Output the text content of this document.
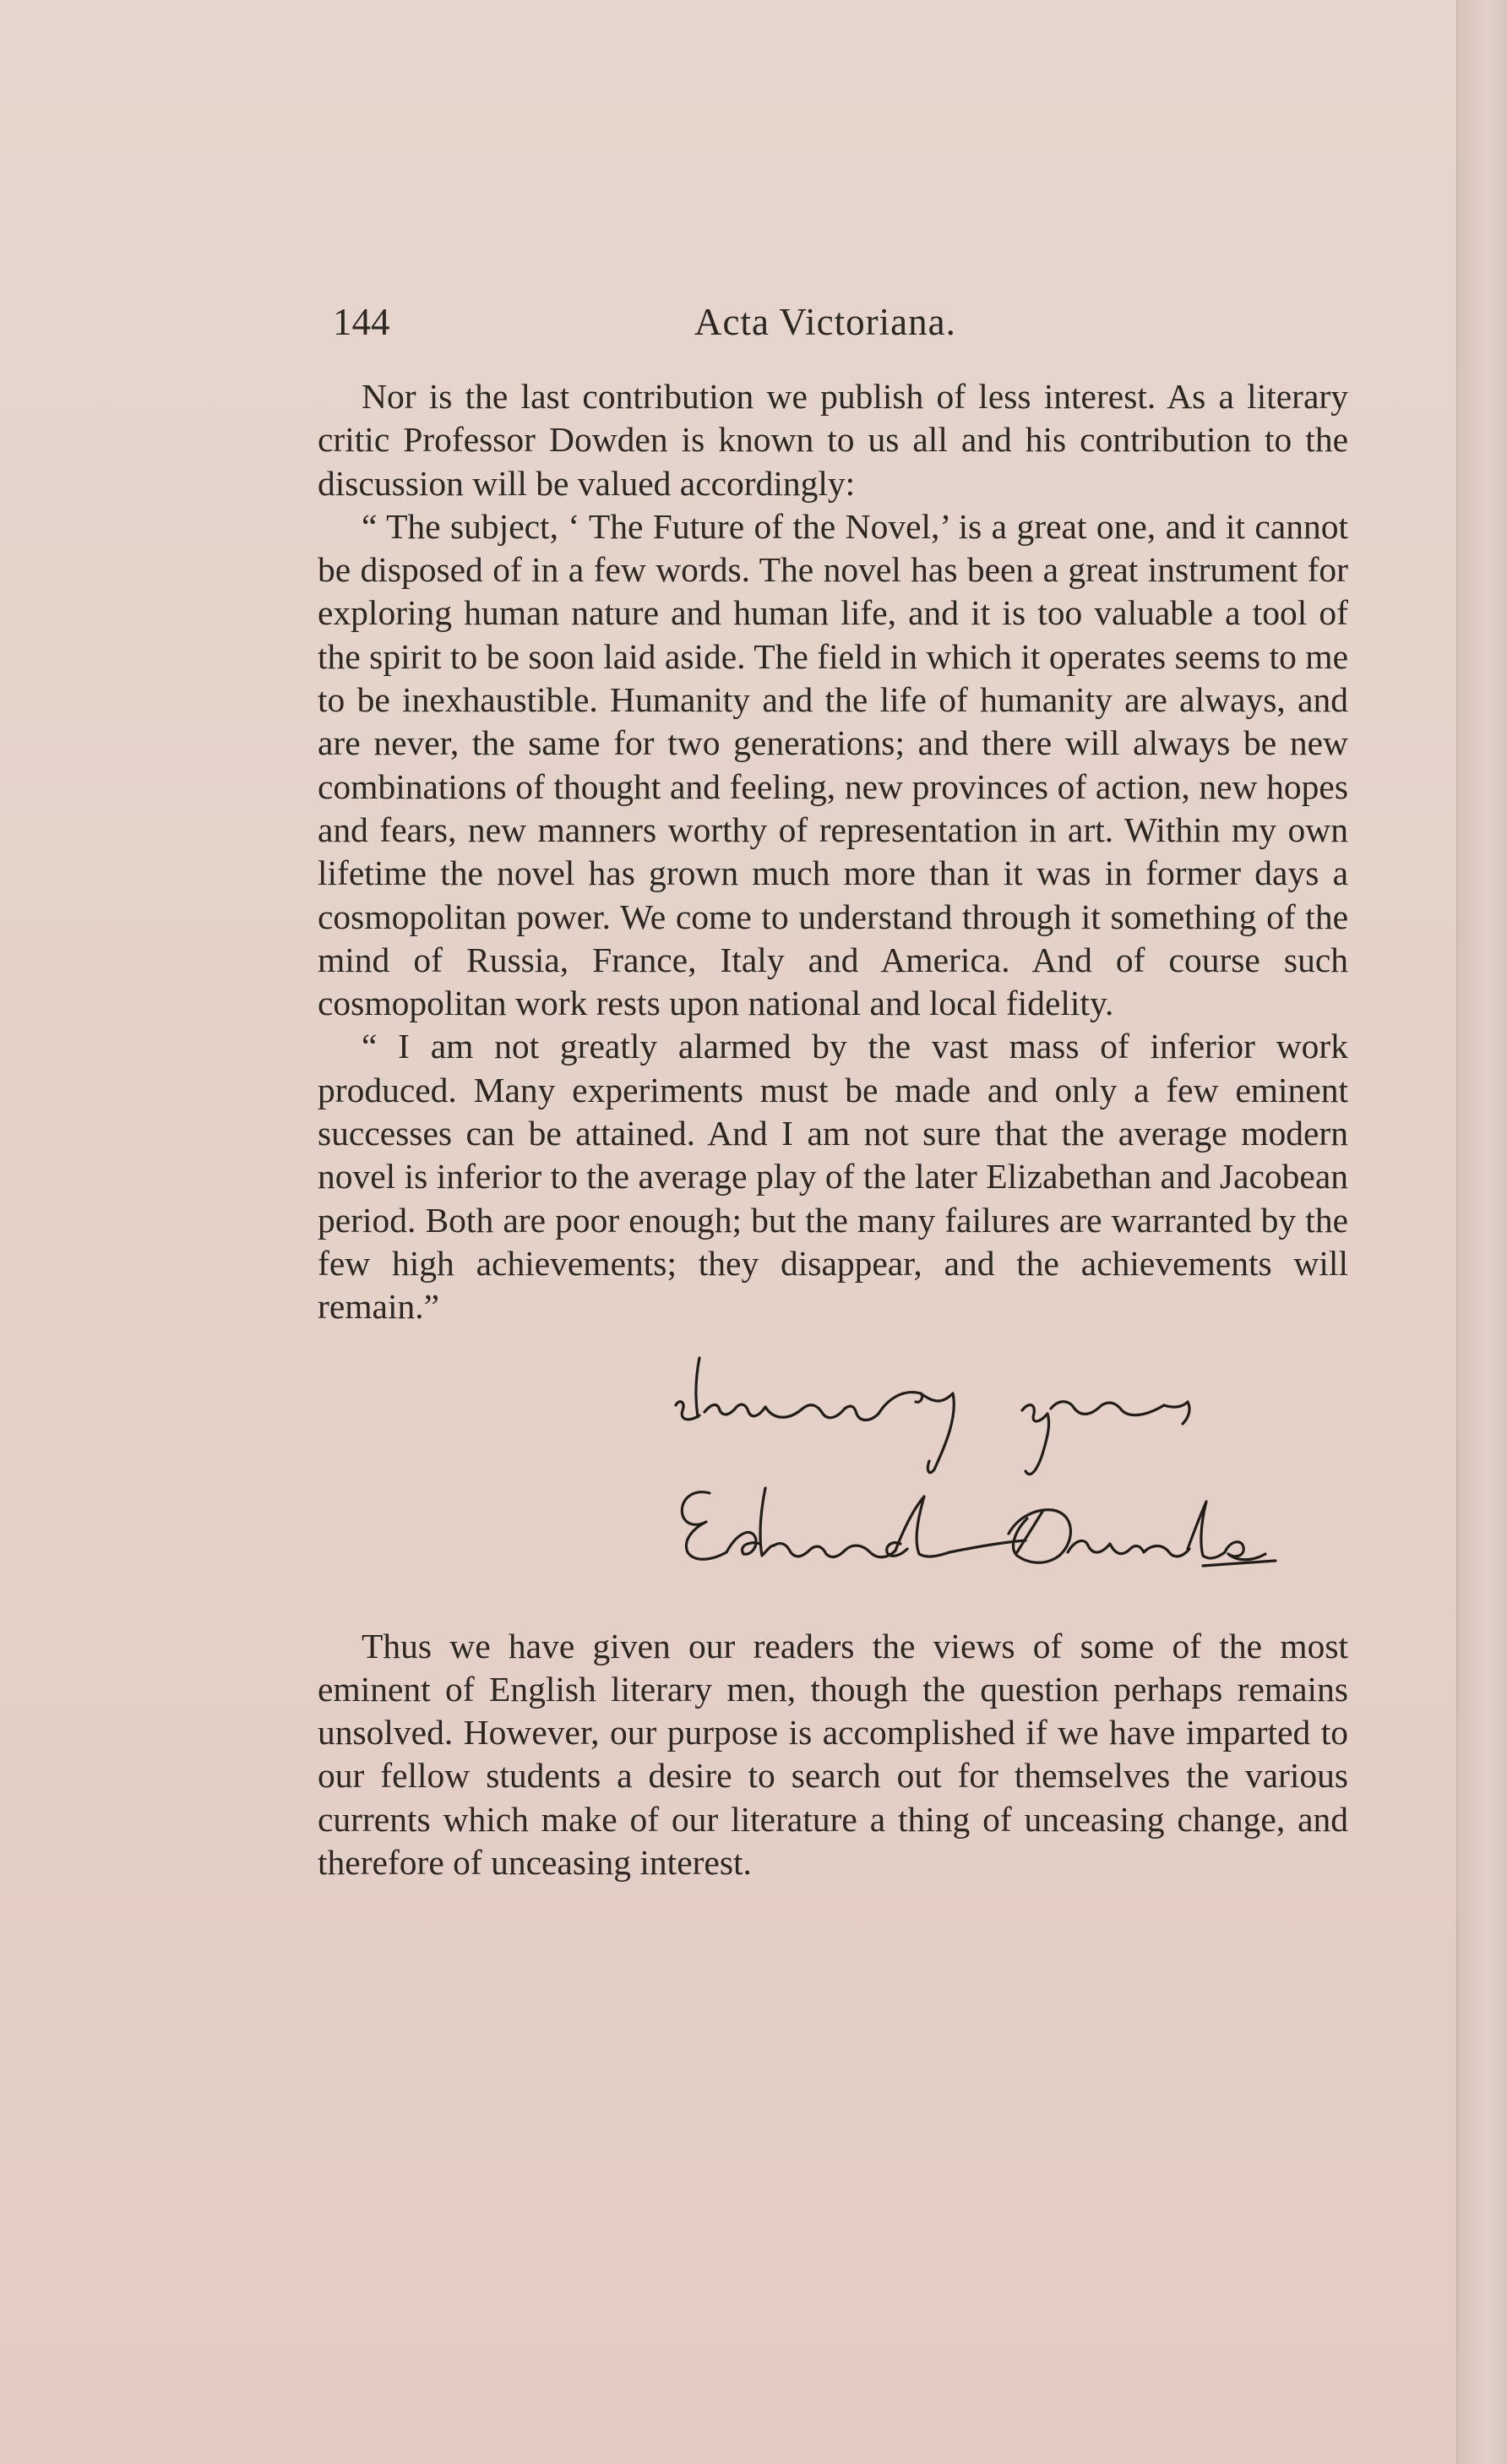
144	Acta Victoriana.

Nor is the last contribution we publish of less interest. As a literary critic Professor Dowden is known to us all and his contribution to the discussion will be valued accordingly:

“ The subject, ‘ The Future of the Novel,’ is a great one, and it cannot be disposed of in a few words. The novel has been a great instrument for exploring human nature and human life, and it is too valuable a tool of the spirit to be soon laid aside. The field in which it operates seems to me to be inexhaustible. Humanity and the life of humanity are always, and are never, the same for two generations; and there will always be new combinations of thought and feeling, new provinces of action, new hopes and fears, new manners worthy of representation in art. Within my own lifetime the novel has grown much more than it was in former days a cosmopolitan power. We come to understand through it something of the mind of Russia, France, Italy and America. And of course such cosmopolitan work rests upon national and local fidelity.

“ I am not greatly alarmed by the vast mass of inferior work produced. Many experiments must be made and only a few eminent successes can be attained. And I am not sure that the average modern novel is inferior to the average play of the later Elizabethan and Jacobean period. Both are poor enough; but the many failures are warranted by the few high achievements; they disappear, and the achievements will remain.”

Thus we have given our readers the views of some of the most eminent of English literary men, though the question perhaps remains unsolved. However, our purpose is accomplished if we have imparted to our fellow students a desire to search out for themselves the various currents which make of our literature a thing of unceasing change, and therefore of unceasing interest.
